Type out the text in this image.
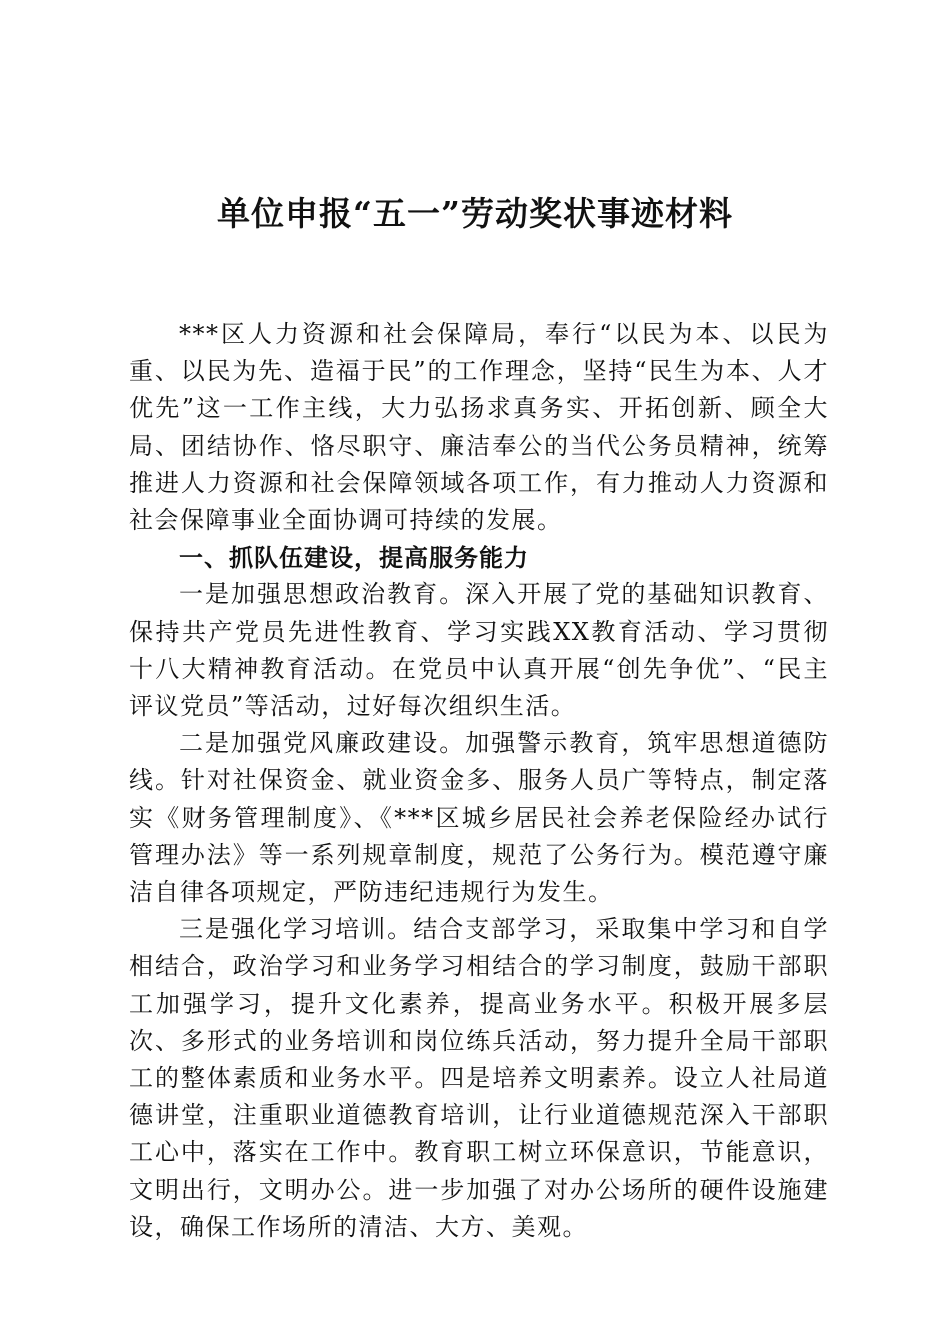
单位申报“五一”劳动奖状事迹材料

***区人力资源和社会保障局，奉行“以民为本、以民为重、以民为先、造福于民”的工作理念，坚持“民生为本、人才优先”这一工作主线，大力弘扬求真务实、开拓创新、顾全大局、团结协作、恪尽职守、廉洁奉公的当代公务员精神，统筹推进人力资源和社会保障领域各项工作，有力推动人力资源和社会保障事业全面协调可持续的发展。

一、抓队伍建设，提高服务能力

一是加强思想政治教育。深入开展了党的基础知识教育、保持共产党员先进性教育、学习实践XX教育活动、学习贯彻十八大精神教育活动。在党员中认真开展“创先争优”、“民主评议党员”等活动，过好每次组织生活。

二是加强党风廉政建设。加强警示教育，筑牢思想道德防线。针对社保资金、就业资金多、服务人员广等特点，制定落实《财务管理制度》、《***区城乡居民社会养老保险经办试行管理办法》等一系列规章制度，规范了公务行为。模范遵守廉洁自律各项规定，严防违纪违规行为发生。

三是强化学习培训。结合支部学习，采取集中学习和自学相结合，政治学习和业务学习相结合的学习制度，鼓励干部职工加强学习，提升文化素养，提高业务水平。积极开展多层次、多形式的业务培训和岗位练兵活动，努力提升全局干部职工的整体素质和业务水平。四是培养文明素养。设立人社局道德讲堂，注重职业道德教育培训，让行业道德规范深入干部职工心中，落实在工作中。教育职工树立环保意识，节能意识，文明出行，文明办公。进一步加强了对办公场所的硬件设施建设，确保工作场所的清洁、大方、美观。
